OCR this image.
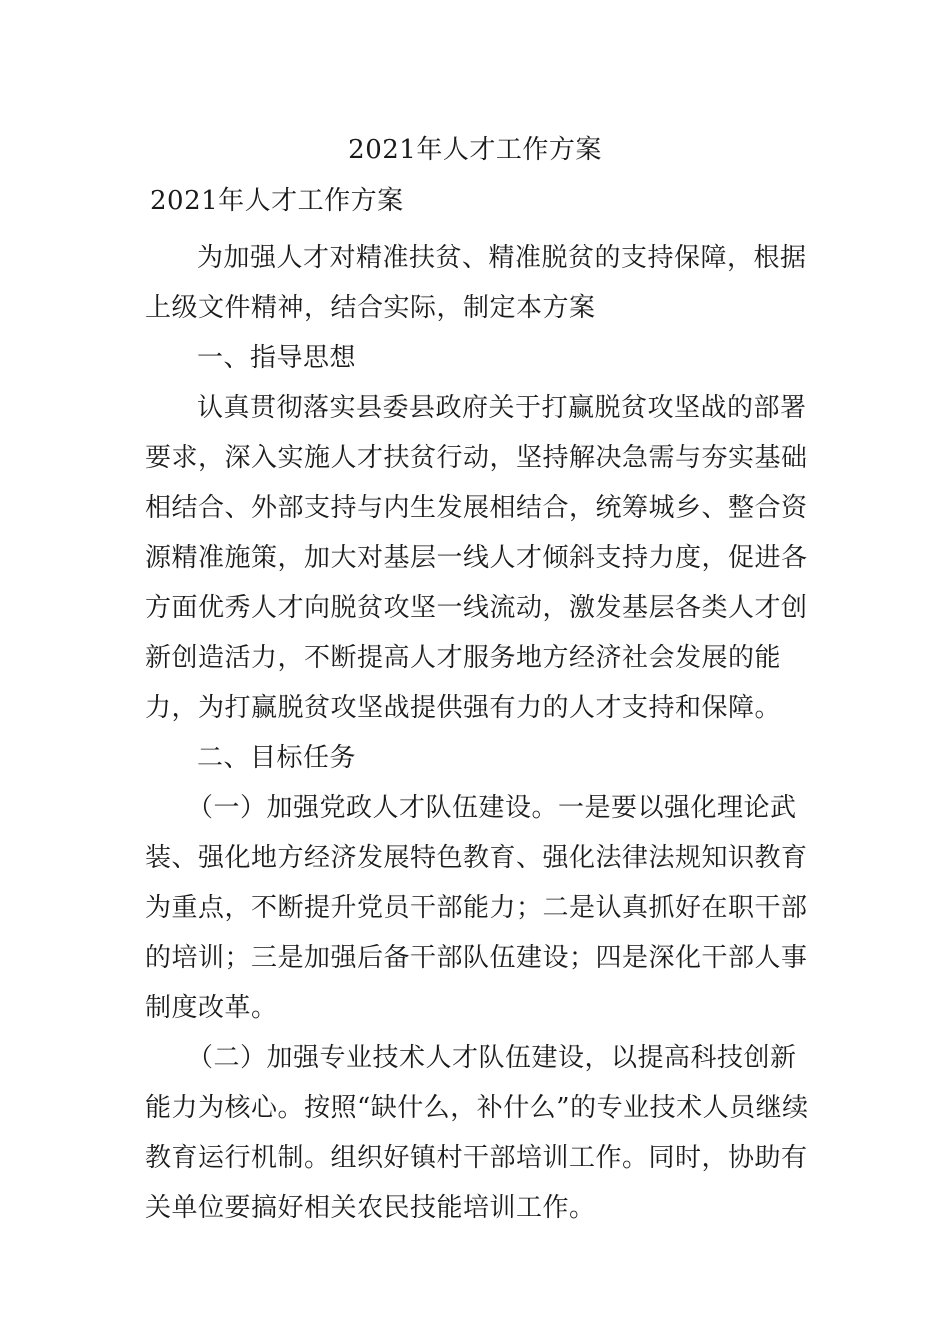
2021年人才工作方案
2021年人才工作方案

为加强人才对精准扶贫、精准脱贫的支持保障，根据上级文件精神，结合实际，制定本方案

一、指导思想

认真贯彻落实县委县政府关于打赢脱贫攻坚战的部署要求，深入实施人才扶贫行动，坚持解决急需与夯实基础相结合、外部支持与内生发展相结合，统筹城乡、整合资源精准施策，加大对基层一线人才倾斜支持力度，促进各方面优秀人才向脱贫攻坚一线流动，激发基层各类人才创新创造活力，不断提高人才服务地方经济社会发展的能力，为打赢脱贫攻坚战提供强有力的人才支持和保障。

二、目标任务

（一）加强党政人才队伍建设。一是要以强化理论武装、强化地方经济发展特色教育、强化法律法规知识教育为重点，不断提升党员干部能力；二是认真抓好在职干部的培训；三是加强后备干部队伍建设；四是深化干部人事制度改革。

（二）加强专业技术人才队伍建设，以提高科技创新能力为核心。按照“缺什么，补什么”的专业技术人员继续教育运行机制。组织好镇村干部培训工作。同时，协助有关单位要搞好相关农民技能培训工作。
